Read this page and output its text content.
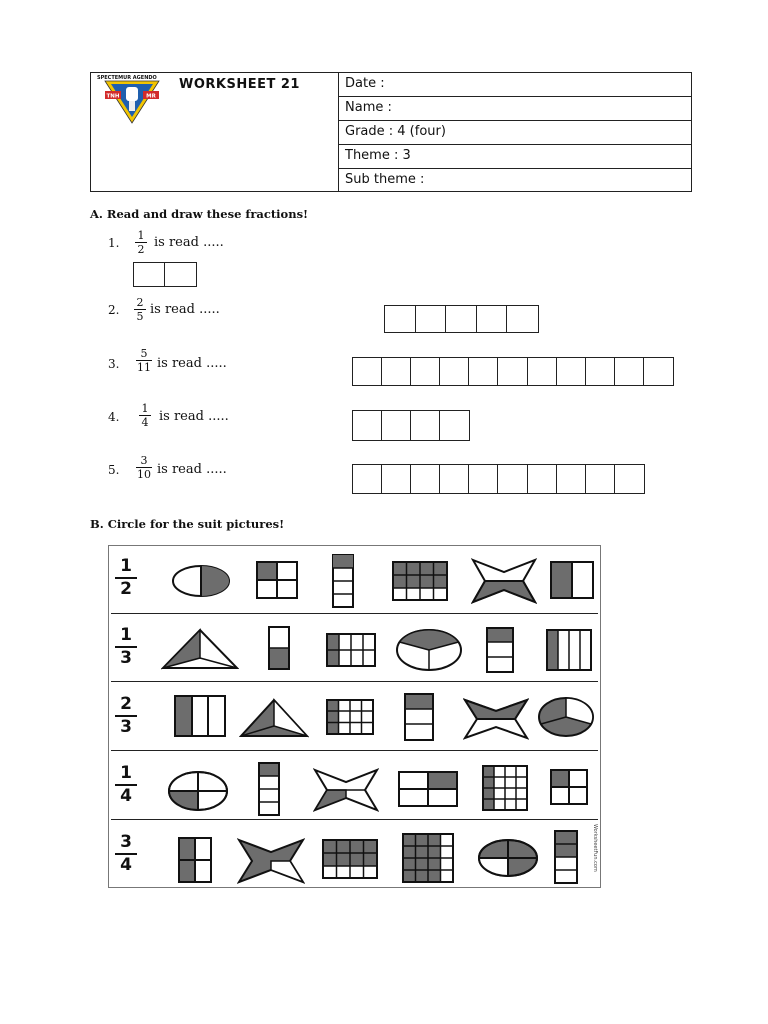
TNH	MR
SPECTEMUR AGENDO WORKSHEET 21	Date :
Name :
Grade : 4 (four)
Theme : 3
Sub theme :
A. Read and draw these fractions!
1.
1
2 is read .....
2.
2
5 is read .....
3.
5
11 is read .....
4.
1
4 is read .....
5.
3
10 is read .....
B. Circle for the suit pictures!
1
2
1
3
2
3
1
4
3
4	WorksheetFun.com
